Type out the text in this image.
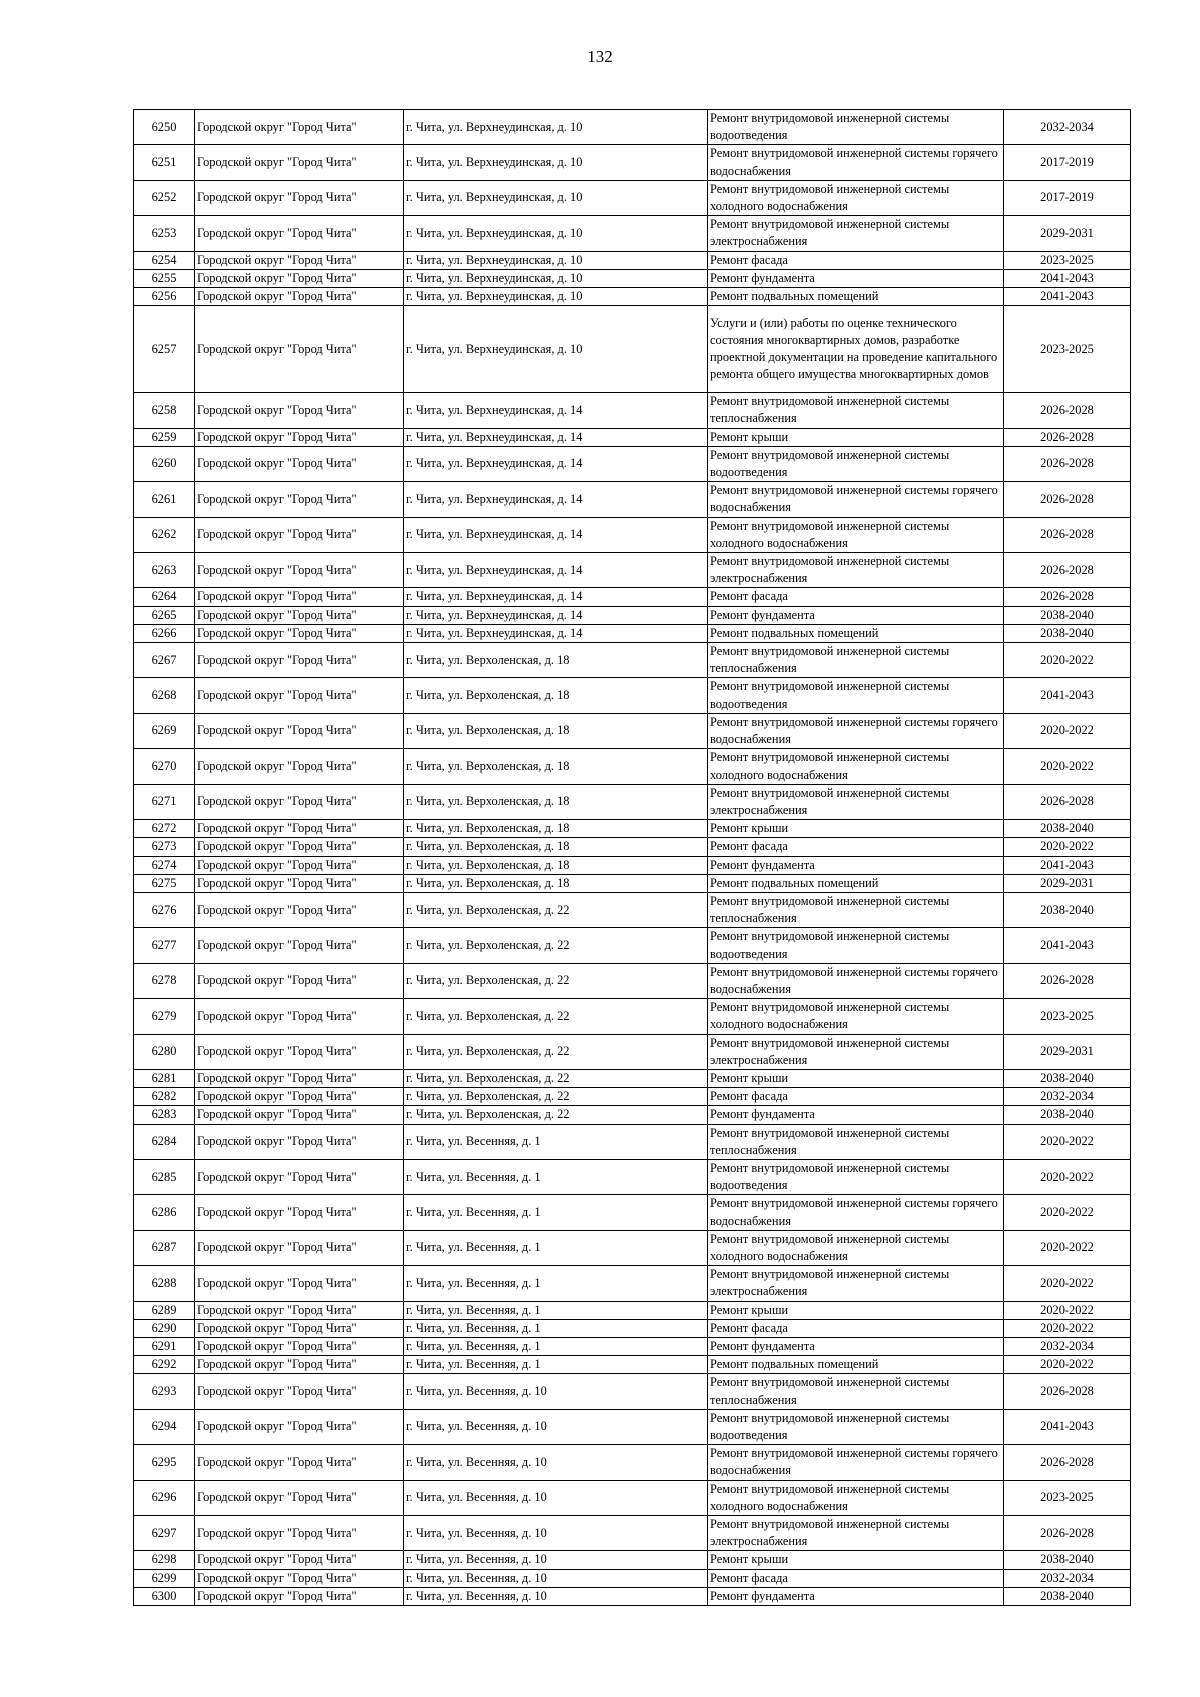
132
6250	Городской округ "Город Чита"	г. Чита, ул. Верхнеудинская, д. 10	Ремонт внутридомовой инженерной системы водоотведения	2032-2034
6251	Городской округ "Город Чита"	г. Чита, ул. Верхнеудинская, д. 10	Ремонт внутридомовой инженерной системы горячего водоснабжения	2017-2019
6252	Городской округ "Город Чита"	г. Чита, ул. Верхнеудинская, д. 10	Ремонт внутридомовой инженерной системы холодного водоснабжения	2017-2019
6253	Городской округ "Город Чита"	г. Чита, ул. Верхнеудинская, д. 10	Ремонт внутридомовой инженерной системы электроснабжения	2029-2031
6254	Городской округ "Город Чита"	г. Чита, ул. Верхнеудинская, д. 10	Ремонт фасада	2023-2025
6255	Городской округ "Город Чита"	г. Чита, ул. Верхнеудинская, д. 10	Ремонт фундамента	2041-2043
6256	Городской округ "Город Чита"	г. Чита, ул. Верхнеудинская, д. 10	Ремонт подвальных помещений	2041-2043
6257	Городской округ "Город Чита"	г. Чита, ул. Верхнеудинская, д. 10	Услуги и (или) работы по оценке технического состояния многоквартирных домов, разработке проектной документации на проведение капитального ремонта общего имущества многоквартирных домов	2023-2025
6258	Городской округ "Город Чита"	г. Чита, ул. Верхнеудинская, д. 14	Ремонт внутридомовой инженерной системы теплоснабжения	2026-2028
6259	Городской округ "Город Чита"	г. Чита, ул. Верхнеудинская, д. 14	Ремонт крыши	2026-2028
6260	Городской округ "Город Чита"	г. Чита, ул. Верхнеудинская, д. 14	Ремонт внутридомовой инженерной системы водоотведения	2026-2028
6261	Городской округ "Город Чита"	г. Чита, ул. Верхнеудинская, д. 14	Ремонт внутридомовой инженерной системы горячего водоснабжения	2026-2028
6262	Городской округ "Город Чита"	г. Чита, ул. Верхнеудинская, д. 14	Ремонт внутридомовой инженерной системы холодного водоснабжения	2026-2028
6263	Городской округ "Город Чита"	г. Чита, ул. Верхнеудинская, д. 14	Ремонт внутридомовой инженерной системы электроснабжения	2026-2028
6264	Городской округ "Город Чита"	г. Чита, ул. Верхнеудинская, д. 14	Ремонт фасада	2026-2028
6265	Городской округ "Город Чита"	г. Чита, ул. Верхнеудинская, д. 14	Ремонт фундамента	2038-2040
6266	Городской округ "Город Чита"	г. Чита, ул. Верхнеудинская, д. 14	Ремонт подвальных помещений	2038-2040
6267	Городской округ "Город Чита"	г. Чита, ул. Верхоленская, д. 18	Ремонт внутридомовой инженерной системы теплоснабжения	2020-2022
6268	Городской округ "Город Чита"	г. Чита, ул. Верхоленская, д. 18	Ремонт внутридомовой инженерной системы водоотведения	2041-2043
6269	Городской округ "Город Чита"	г. Чита, ул. Верхоленская, д. 18	Ремонт внутридомовой инженерной системы горячего водоснабжения	2020-2022
6270	Городской округ "Город Чита"	г. Чита, ул. Верхоленская, д. 18	Ремонт внутридомовой инженерной системы холодного водоснабжения	2020-2022
6271	Городской округ "Город Чита"	г. Чита, ул. Верхоленская, д. 18	Ремонт внутридомовой инженерной системы электроснабжения	2026-2028
6272	Городской округ "Город Чита"	г. Чита, ул. Верхоленская, д. 18	Ремонт крыши	2038-2040
6273	Городской округ "Город Чита"	г. Чита, ул. Верхоленская, д. 18	Ремонт фасада	2020-2022
6274	Городской округ "Город Чита"	г. Чита, ул. Верхоленская, д. 18	Ремонт фундамента	2041-2043
6275	Городской округ "Город Чита"	г. Чита, ул. Верхоленская, д. 18	Ремонт подвальных помещений	2029-2031
6276	Городской округ "Город Чита"	г. Чита, ул. Верхоленская, д. 22	Ремонт внутридомовой инженерной системы теплоснабжения	2038-2040
6277	Городской округ "Город Чита"	г. Чита, ул. Верхоленская, д. 22	Ремонт внутридомовой инженерной системы водоотведения	2041-2043
6278	Городской округ "Город Чита"	г. Чита, ул. Верхоленская, д. 22	Ремонт внутридомовой инженерной системы горячего водоснабжения	2026-2028
6279	Городской округ "Город Чита"	г. Чита, ул. Верхоленская, д. 22	Ремонт внутридомовой инженерной системы холодного водоснабжения	2023-2025
6280	Городской округ "Город Чита"	г. Чита, ул. Верхоленская, д. 22	Ремонт внутридомовой инженерной системы электроснабжения	2029-2031
6281	Городской округ "Город Чита"	г. Чита, ул. Верхоленская, д. 22	Ремонт крыши	2038-2040
6282	Городской округ "Город Чита"	г. Чита, ул. Верхоленская, д. 22	Ремонт фасада	2032-2034
6283	Городской округ "Город Чита"	г. Чита, ул. Верхоленская, д. 22	Ремонт фундамента	2038-2040
6284	Городской округ "Город Чита"	г. Чита, ул. Весенняя, д. 1	Ремонт внутридомовой инженерной системы теплоснабжения	2020-2022
6285	Городской округ "Город Чита"	г. Чита, ул. Весенняя, д. 1	Ремонт внутридомовой инженерной системы водоотведения	2020-2022
6286	Городской округ "Город Чита"	г. Чита, ул. Весенняя, д. 1	Ремонт внутридомовой инженерной системы горячего водоснабжения	2020-2022
6287	Городской округ "Город Чита"	г. Чита, ул. Весенняя, д. 1	Ремонт внутридомовой инженерной системы холодного водоснабжения	2020-2022
6288	Городской округ "Город Чита"	г. Чита, ул. Весенняя, д. 1	Ремонт внутридомовой инженерной системы электроснабжения	2020-2022
6289	Городской округ "Город Чита"	г. Чита, ул. Весенняя, д. 1	Ремонт крыши	2020-2022
6290	Городской округ "Город Чита"	г. Чита, ул. Весенняя, д. 1	Ремонт фасада	2020-2022
6291	Городской округ "Город Чита"	г. Чита, ул. Весенняя, д. 1	Ремонт фундамента	2032-2034
6292	Городской округ "Город Чита"	г. Чита, ул. Весенняя, д. 1	Ремонт подвальных помещений	2020-2022
6293	Городской округ "Город Чита"	г. Чита, ул. Весенняя, д. 10	Ремонт внутридомовой инженерной системы теплоснабжения	2026-2028
6294	Городской округ "Город Чита"	г. Чита, ул. Весенняя, д. 10	Ремонт внутридомовой инженерной системы водоотведения	2041-2043
6295	Городской округ "Город Чита"	г. Чита, ул. Весенняя, д. 10	Ремонт внутридомовой инженерной системы горячего водоснабжения	2026-2028
6296	Городской округ "Город Чита"	г. Чита, ул. Весенняя, д. 10	Ремонт внутридомовой инженерной системы холодного водоснабжения	2023-2025
6297	Городской округ "Город Чита"	г. Чита, ул. Весенняя, д. 10	Ремонт внутридомовой инженерной системы электроснабжения	2026-2028
6298	Городской округ "Город Чита"	г. Чита, ул. Весенняя, д. 10	Ремонт крыши	2038-2040
6299	Городской округ "Город Чита"	г. Чита, ул. Весенняя, д. 10	Ремонт фасада	2032-2034
6300	Городской округ "Город Чита"	г. Чита, ул. Весенняя, д. 10	Ремонт фундамента	2038-2040
